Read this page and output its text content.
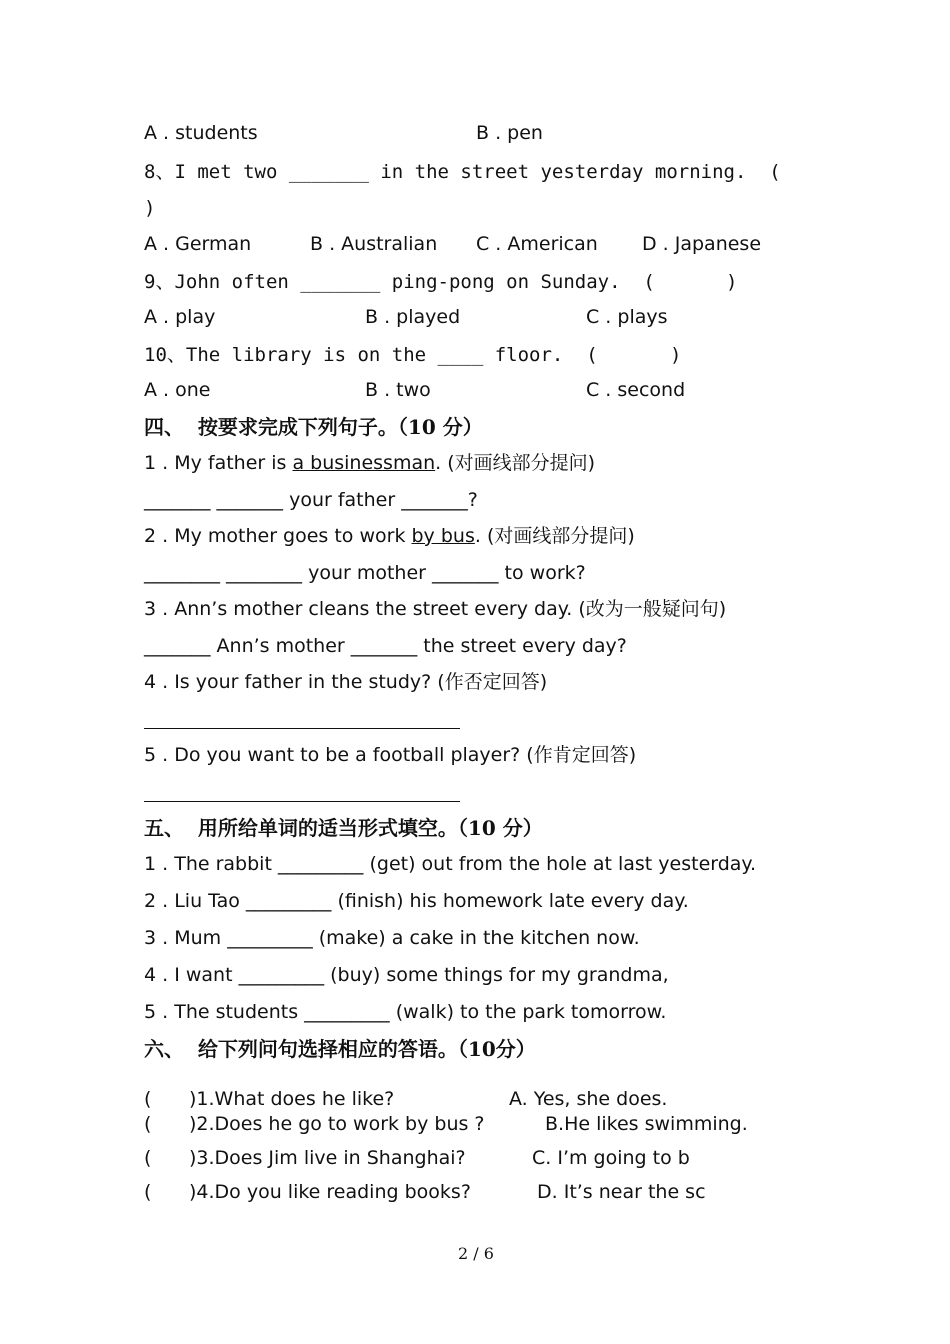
A . students	B . pen
8、I met two _______ in the street yesterday morning.  (
)
A . German	B . Australian C . American D . Japanese
9、John often _______ ping-pong on Sunday.  (	)
A . play	B . played	C . plays
10、The library is on the ____ floor.  (	)
A . one	B . two	C . second
四、  按要求完成下列句子。（10 分）
1 . My father is a businessman. (对画线部分提问)
_______ _______ your father _______?
2 . My mother goes to work by bus. (对画线部分提问)
________ ________ your mother _______ to work?
3 . Ann’s mother cleans the street every day. (改为一般疑问句)
_______ Ann’s mother _______ the street every day?
4 . Is your father in the study? (作否定回答)
5 . Do you want to be a football player? (作肯定回答)
五、  用所给单词的适当形式填空。（10 分）
1 . The rabbit _________ (get) out from the hole at last yesterday.
2 . Liu Tao _________ (finish) his homework late every day.
3 . Mum _________ (make) a cake in the kitchen now.
4 . I want _________ (buy) some things for my grandma,
5 . The students _________ (walk) to the park tomorrow.
六、  给下列问句选择相应的答语。（10分）
( )1.What does he like?	A. Yes, she does.
( )2.Does he go to work by bus ?	B.He likes swimming.
( )3.Does Jim live in Shanghai?	C. I’m going to b
( )4.Do you like reading books?	D. It’s near the sc
2 / 6
